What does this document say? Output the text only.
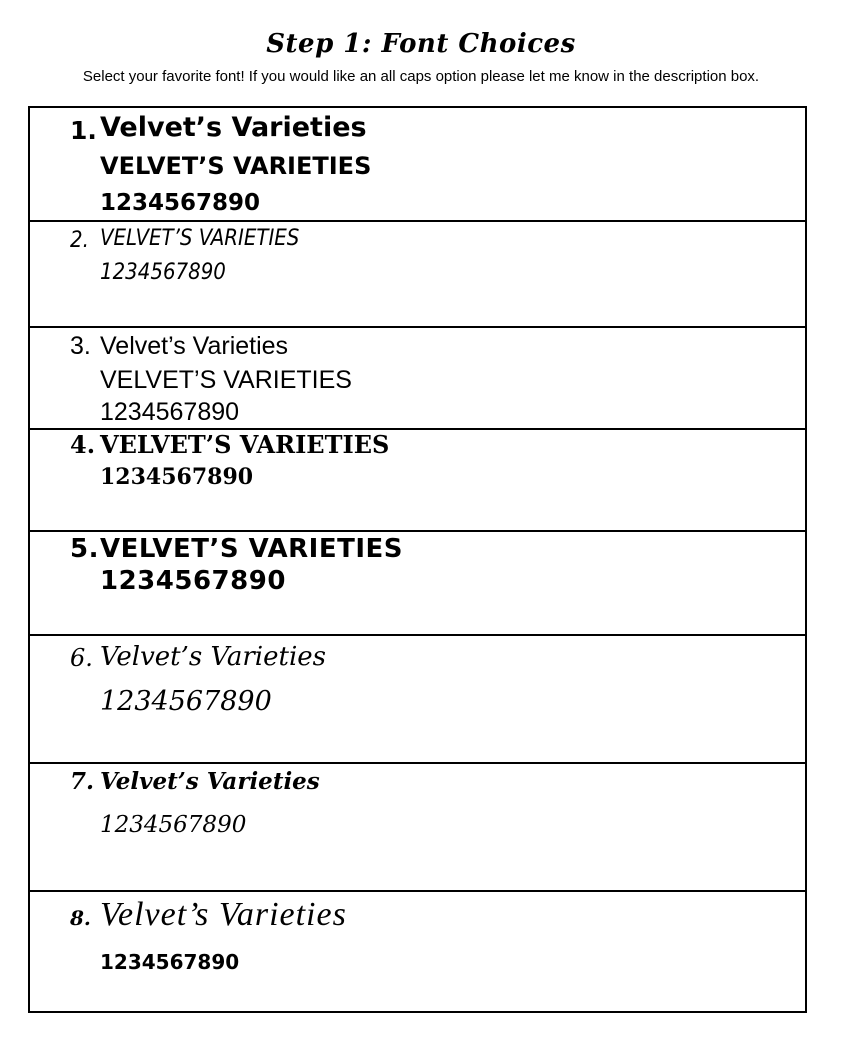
Step 1: Font Choices
Select your favorite font! If you would like an all caps option please let me know in the description box.
1. Velvet’s Varieties
VELVET’S VARIETIES
1234567890
2. VELVET’S VARIETIES
1234567890
3. Velvet’s Varieties
VELVET’S VARIETIES
1234567890
4. VELVET’S VARIETIES
1234567890
5. VELVET’S VARIETIES
1234567890
6. Velvet’s Varieties
1234567890
7. Velvet’s Varieties
1234567890
8. Velvet’s Varieties
1234567890
